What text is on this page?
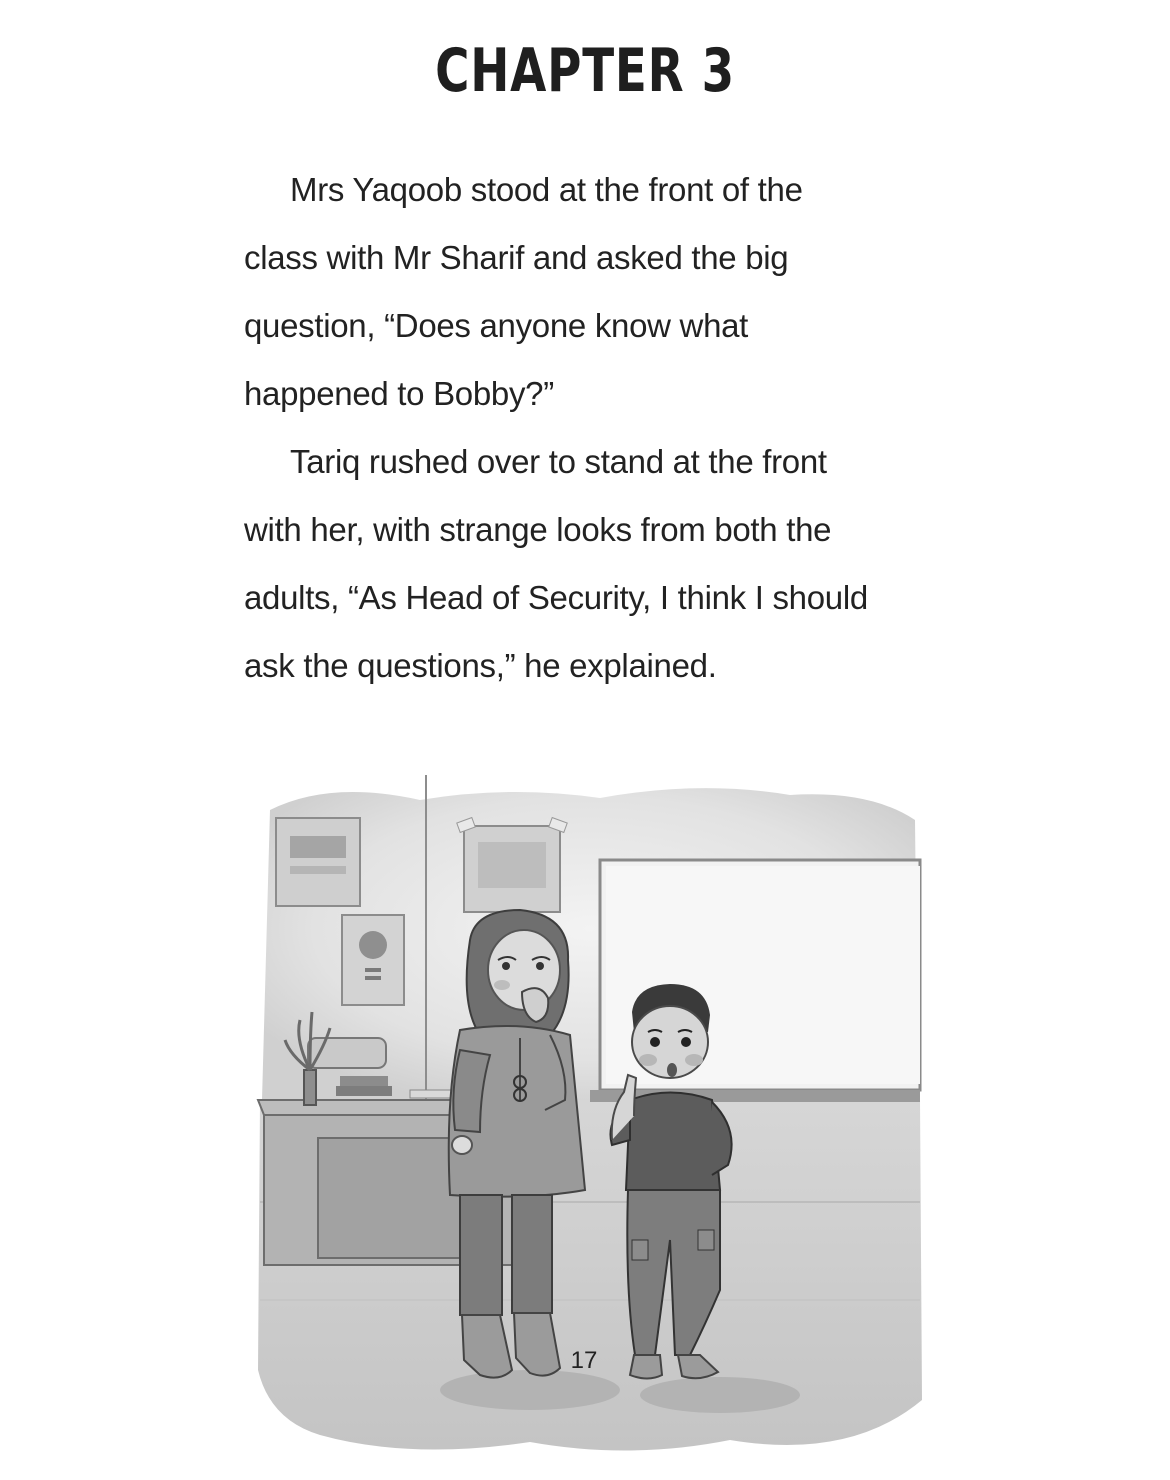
CHAPTER 3
Mrs Yaqoob stood at the front of the
class with Mr Sharif and asked the big
question, “Does anyone know what
happened to Bobby?”
Tariq rushed over to stand at the front
with her, with strange looks from both the
adults, “As Head of Security, I think I should
ask the questions,” he explained.
17
